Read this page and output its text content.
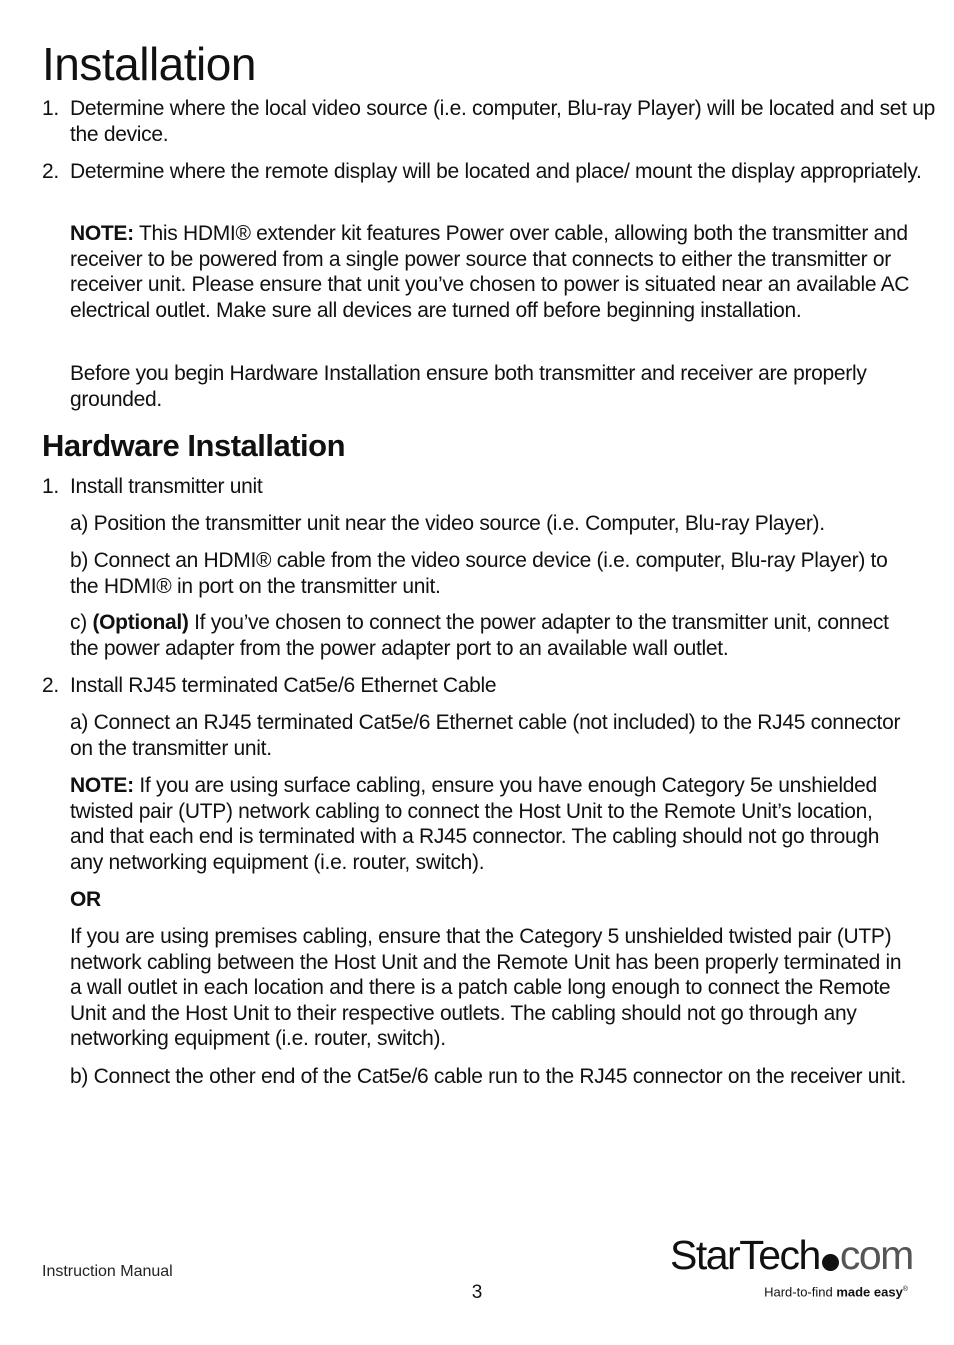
Installation
1. Determine where the local video source (i.e. computer, Blu-ray Player) will be located and set up the device.
2. Determine where the remote display will be located and place/ mount the display appropriately.
NOTE: This HDMI® extender kit features Power over cable, allowing both the transmitter and receiver to be powered from a single power source that connects to either the transmitter or receiver unit. Please ensure that unit you’ve chosen to power is situated near an available AC electrical outlet. Make sure all devices are turned off before beginning installation.
Before you begin Hardware Installation ensure both transmitter and receiver are properly grounded.
Hardware Installation
1. Install transmitter unit
a) Position the transmitter unit near the video source (i.e. Computer, Blu-ray Player).
b) Connect an HDMI® cable from the video source device (i.e. computer, Blu-ray Player) to the HDMI® in port on the transmitter unit.
c) (Optional) If you’ve chosen to connect the power adapter to the transmitter unit, connect the power adapter from the power adapter port to an available wall outlet.
2. Install RJ45 terminated Cat5e/6 Ethernet Cable
a) Connect an RJ45 terminated Cat5e/6 Ethernet cable (not included) to the RJ45 connector on the transmitter unit.
NOTE: If you are using surface cabling, ensure you have enough Category 5e unshielded twisted pair (UTP) network cabling to connect the Host Unit to the Remote Unit’s location, and that each end is terminated with a RJ45 connector. The cabling should not go through any networking equipment (i.e. router, switch).
OR
If you are using premises cabling, ensure that the Category 5 unshielded twisted pair (UTP) network cabling between the Host Unit and the Remote Unit has been properly terminated in a wall outlet in each location and there is a patch cable long enough to connect the Remote Unit and the Host Unit to their respective outlets. The cabling should not go through any networking equipment (i.e. router, switch).
b) Connect the other end of the Cat5e/6 cable run to the RJ45 connector on the receiver unit.
Instruction Manual
3
StarTech com
Hard-to-find made easy®
